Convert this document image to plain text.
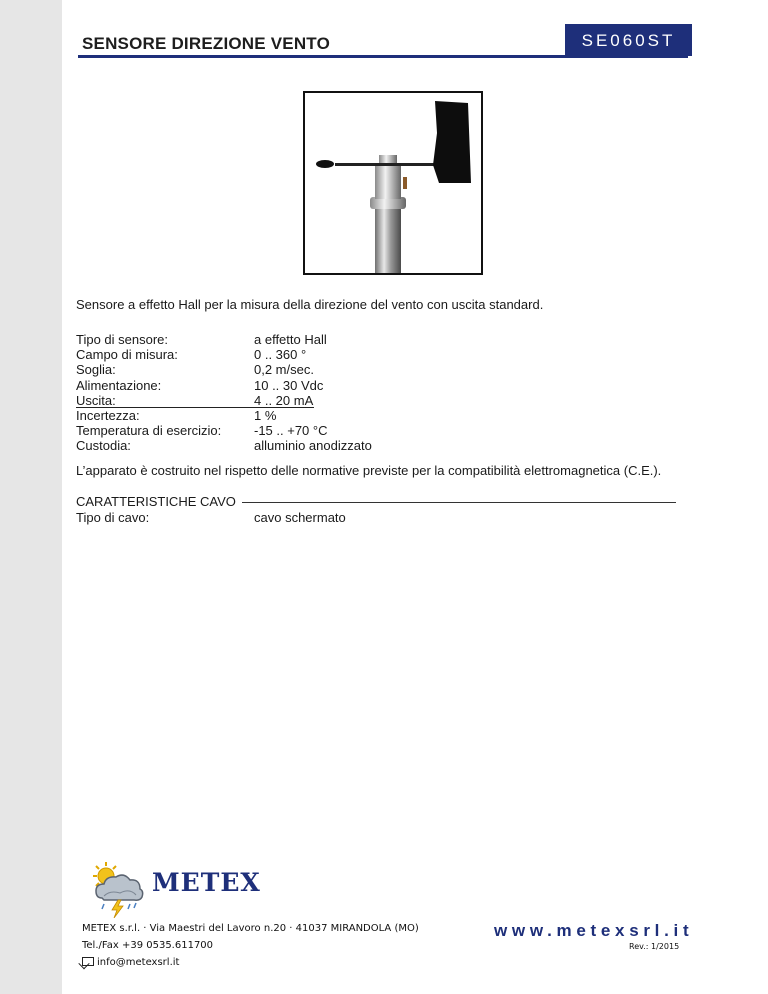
SENSORE DIREZIONE VENTO	SE060ST
Sensore a effetto Hall per la misura della direzione del vento con uscita standard.
Tipo di sensore:	a effetto Hall
Campo di misura:	0 .. 360 °
Soglia:	0,2 m/sec.
Alimentazione:	10 .. 30 Vdc
Uscita:	4 .. 20 mA
Incertezza:	1 %
Temperatura di esercizio:	-15 .. +70 °C
Custodia:	alluminio anodizzato
L’apparato è costruito nel rispetto delle normative previste per la compatibilità elettromagnetica (C.E.).
CARATTERISTICHE CAVO
Tipo di cavo:	cavo schermato
METEX
METEX s.r.l. · Via Maestri del Lavoro n.20 · 41037 MIRANDOLA (MO)
Tel./Fax +39 0535.611700
info@metexsrl.it
www.metexsrl.it
Rev.: 1/2015
